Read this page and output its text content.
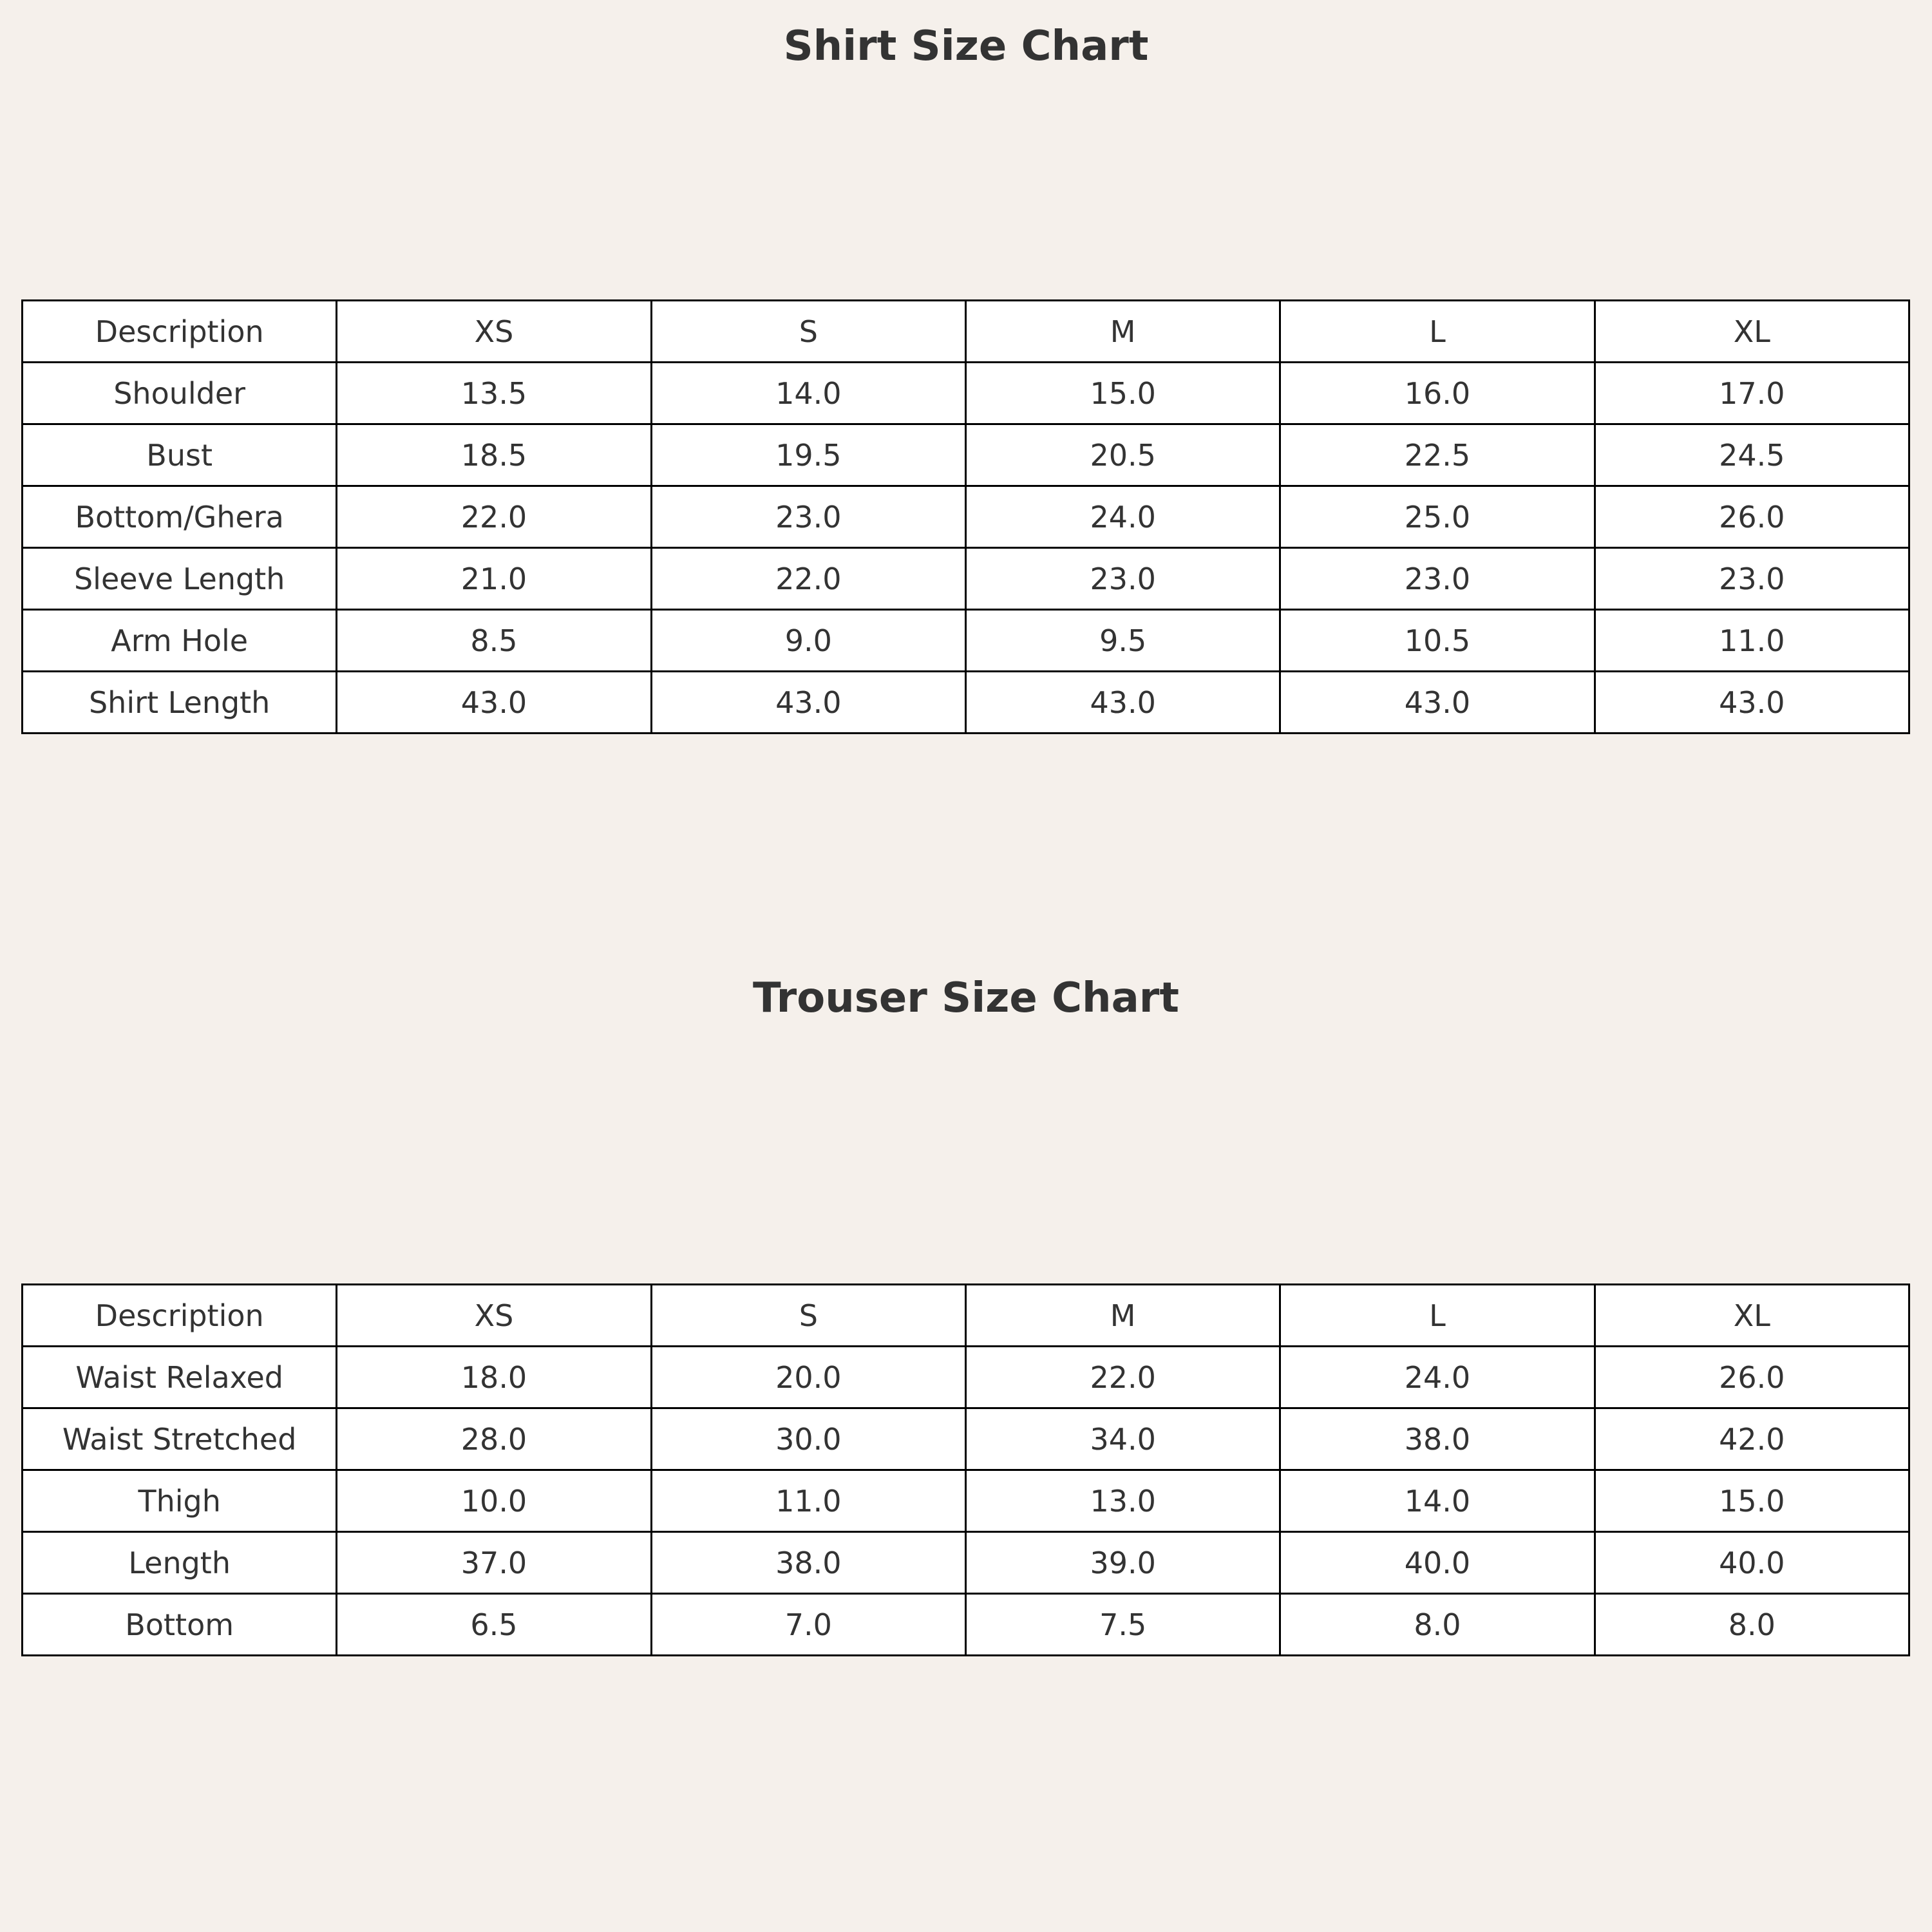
Shirt Size Chart
Description	XS	S	M	L	XL
Shoulder	13.5	14.0	15.0	16.0	17.0
Bust	18.5	19.5	20.5	22.5	24.5
Bottom/Ghera	22.0	23.0	24.0	25.0	26.0
Sleeve Length	21.0	22.0	23.0	23.0	23.0
Arm Hole	8.5	9.0	9.5	10.5	11.0
Shirt Length	43.0	43.0	43.0	43.0	43.0
Trouser Size Chart
Description	XS	S	M	L	XL
Waist Relaxed	18.0	20.0	22.0	24.0	26.0
Waist Stretched	28.0	30.0	34.0	38.0	42.0
Thigh	10.0	11.0	13.0	14.0	15.0
Length	37.0	38.0	39.0	40.0	40.0
Bottom	6.5	7.0	7.5	8.0	8.0
